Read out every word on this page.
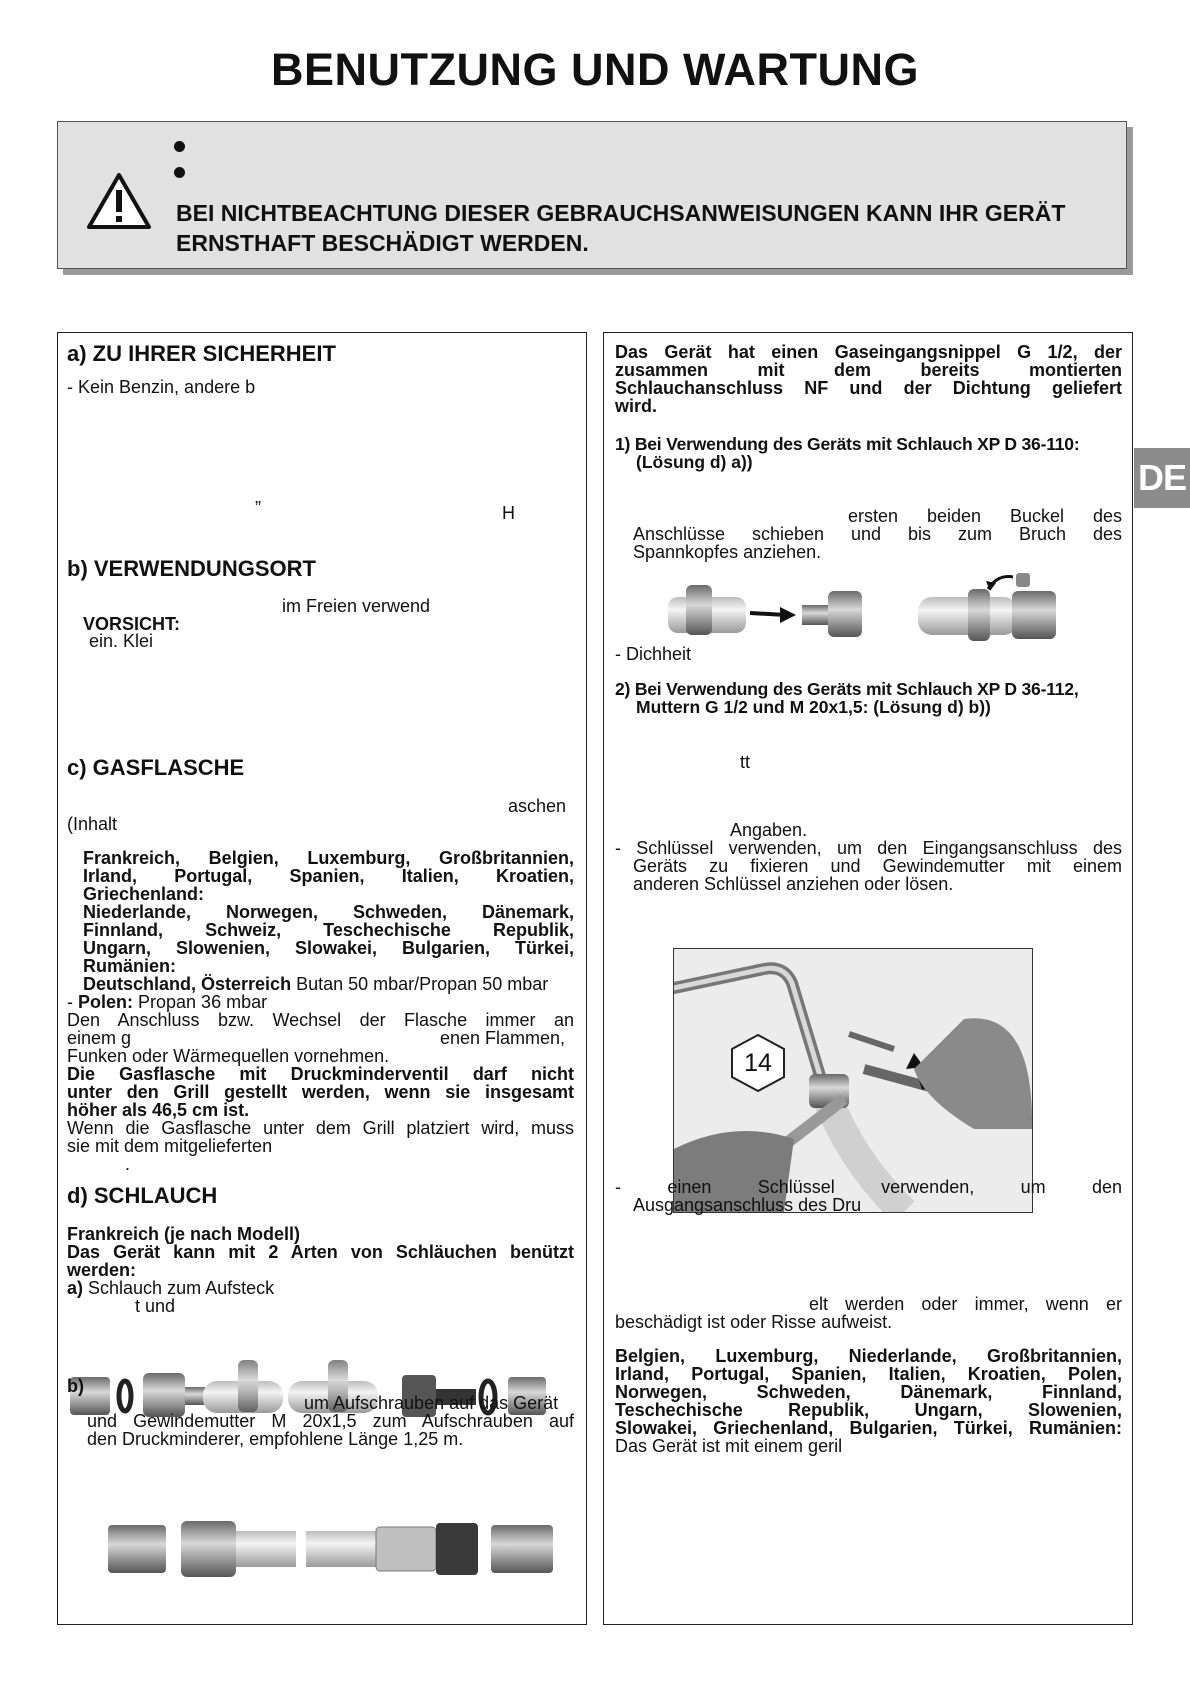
BENUTZUNG UND WARTUNG
BEI NICHTBEACHTUNG DIESER GEBRAUCHSANWEISUNGEN KANN IHR GERÄT ERNSTHAFT BESCHÄDIGT WERDEN.
DE
a) ZU IHRER SICHERHEIT
- Kein Benzin, andere b
”	H
b) VERWENDUNGSORT
im Freien verwend
VORSICHT:
ein. Klei
c) GASFLASCHE
aschen
(Inhalt
Frankreich, Belgien, Luxemburg, Großbritannien,
Irland, Portugal, Spanien, Italien, Kroatien,
Griechenland:
Niederlande, Norwegen, Schweden, Dänemark,
Finnland, Schweiz, Teschechische Republik,
Ungarn, Slowenien, Slowakei, Bulgarien, Türkei,
Rumänien:
Deutschland, Österreich Butan 50 mbar/Propan 50 mbar
- Polen: Propan 36 mbar
Den Anschluss bzw. Wechsel der Flasche immer an
einem g	enen Flammen,
Funken oder Wärmequellen vornehmen.
Die Gasflasche mit Druckminderventil darf nicht
unter den Grill gestellt werden, wenn sie insgesamt
höher als 46,5 cm ist.
Wenn die Gasflasche unter dem Grill platziert wird, muss
sie mit dem mitgelieferten
.
d) SCHLAUCH
Frankreich (je nach Modell)
Das Gerät kann mit 2 Arten von Schläuchen benützt
werden:
a) Schlauch zum Aufsteck
t und
b)
um Aufschrauben auf das Gerät
und Gewindemutter M 20x1,5 zum Aufschrauben auf
den Druckminderer, empfohlene Länge 1,25 m.
Das Gerät hat einen Gaseingangsnippel G 1/2, der
zusammen mit dem bereits montierten
Schlauchanschluss NF und der Dichtung geliefert
wird.
1) Bei Verwendung des Geräts mit Schlauch XP D 36-110:
(Lösung d) a))
ersten beiden Buckel des
Anschlüsse schieben und bis zum Bruch des
Spannkopfes anziehen.
- Dichheit
2) Bei Verwendung des Geräts mit Schlauch XP D 36-112,
Muttern G 1/2 und M 20x1,5: (Lösung d) b))
tt
Angaben.
- Schlüssel verwenden, um den Eingangsanschluss des
Geräts zu fixieren und Gewindemutter mit einem
anderen Schlüssel anziehen oder lösen.
14
- einen Schlüssel verwenden, um den
Ausgangsanschluss des Dru
elt werden oder immer, wenn er
beschädigt ist oder Risse aufweist.
Belgien, Luxemburg, Niederlande, Großbritannien,
Irland, Portugal, Spanien, Italien, Kroatien, Polen,
Norwegen, Schweden, Dänemark, Finnland,
Teschechische Republik, Ungarn, Slowenien,
Slowakei, Griechenland, Bulgarien, Türkei, Rumänien:
Das Gerät ist mit einem geril
